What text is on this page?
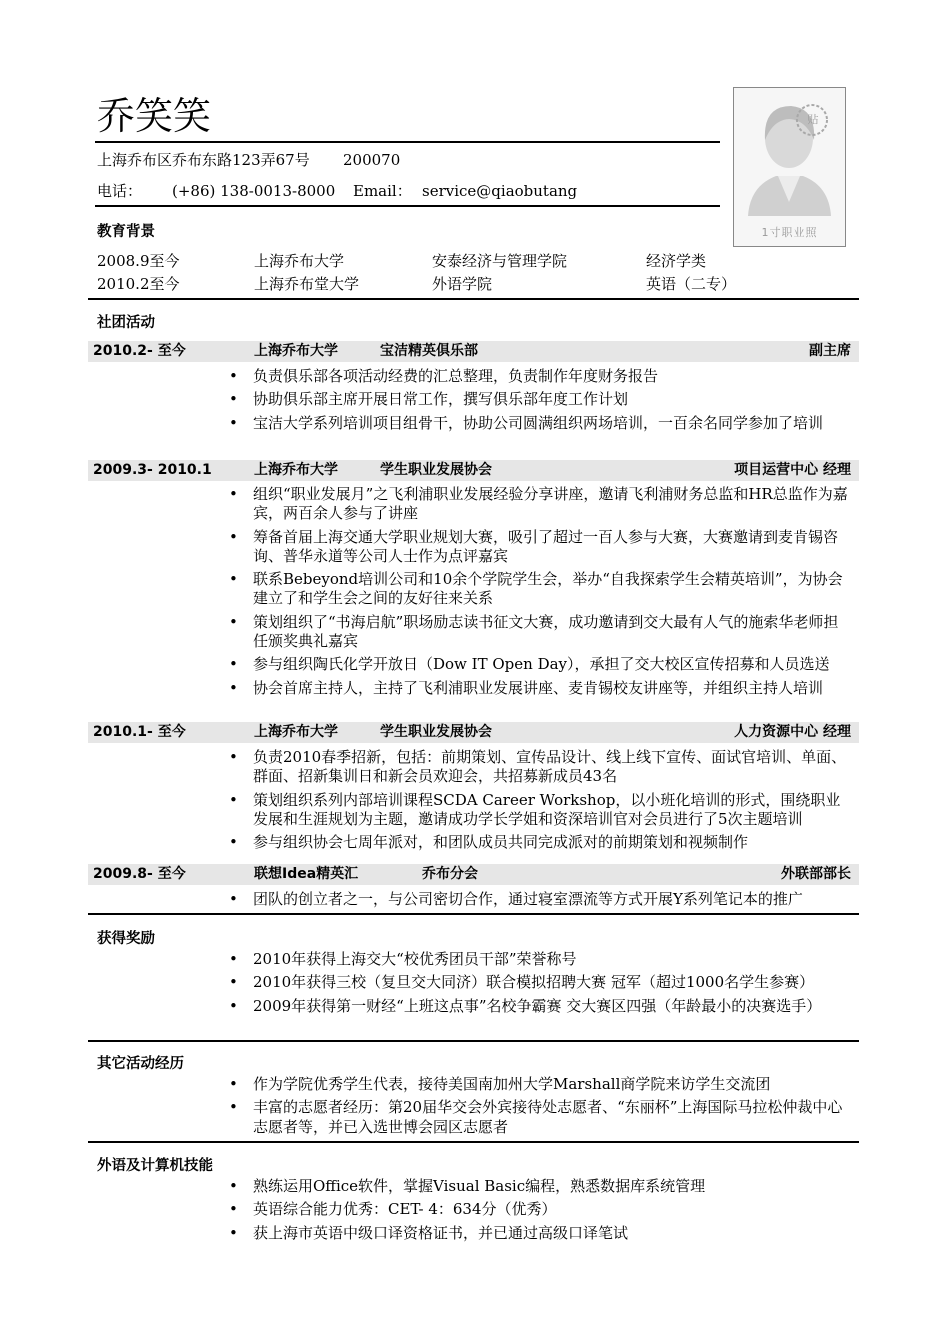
乔笑笑
上海乔布区乔布东路123弄67号 200070
电话： (+86) 138-0013-8000 Email： service@qiaobutang
贴
1寸职业照
教育背景
2008.9至今	上海乔布大学	安泰经济与管理学院	经济学类
2010.2至今	上海乔布堂大学	外语学院	英语（二专）
社团活动
2010.2- 至今	上海乔布大学	宝洁精英俱乐部	副主席
• 负责俱乐部各项活动经费的汇总整理，负责制作年度财务报告
• 协助俱乐部主席开展日常工作，撰写俱乐部年度工作计划
• 宝洁大学系列培训项目组骨干，协助公司圆满组织两场培训，一百余名同学参加了培训
2009.3- 2010.1	上海乔布大学	学生职业发展协会	项目运营中心 经理
• 组织“职业发展月”之飞利浦职业发展经验分享讲座，邀请飞利浦财务总监和HR总监作为嘉宾，两百余人参与了讲座
• 筹备首届上海交通大学职业规划大赛，吸引了超过一百人参与大赛，大赛邀请到麦肯锡咨询、普华永道等公司人士作为点评嘉宾
• 联系Bebeyond培训公司和10余个学院学生会，举办“自我探索学生会精英培训”，为协会建立了和学生会之间的友好往来关系
• 策划组织了“书海启航”职场励志读书征文大赛，成功邀请到交大最有人气的施索华老师担任颁奖典礼嘉宾
• 参与组织陶氏化学开放日（Dow IT Open Day），承担了交大校区宣传招募和人员选送
• 协会首席主持人，主持了飞利浦职业发展讲座、麦肯锡校友讲座等，并组织主持人培训
2010.1- 至今	上海乔布大学	学生职业发展协会	人力资源中心 经理
• 负责2010春季招新，包括：前期策划、宣传品设计、线上线下宣传、面试官培训、单面、群面、招新集训日和新会员欢迎会，共招募新成员43名
• 策划组织系列内部培训课程SCDA Career Workshop，以小班化培训的形式，围绕职业发展和生涯规划为主题，邀请成功学长学姐和资深培训官对会员进行了5次主题培训
• 参与组织协会七周年派对，和团队成员共同完成派对的前期策划和视频制作
2009.8- 至今	联想Idea精英汇	乔布分会	外联部部长
• 团队的创立者之一，与公司密切合作，通过寝室漂流等方式开展Y系列笔记本的推广
获得奖励
• 2010年获得上海交大“校优秀团员干部”荣誉称号
• 2010年获得三校（复旦交大同济）联合模拟招聘大赛 冠军（超过1000名学生参赛）
• 2009年获得第一财经“上班这点事”名校争霸赛 交大赛区四强（年龄最小的决赛选手）
其它活动经历
• 作为学院优秀学生代表，接待美国南加州大学Marshall商学院来访学生交流团
• 丰富的志愿者经历：第20届华交会外宾接待处志愿者、“东丽杯”上海国际马拉松仲裁中心志愿者等，并已入选世博会园区志愿者
外语及计算机技能
• 熟练运用Office软件，掌握Visual Basic编程，熟悉数据库系统管理
• 英语综合能力优秀：CET- 4：634分（优秀）
• 获上海市英语中级口译资格证书，并已通过高级口译笔试
